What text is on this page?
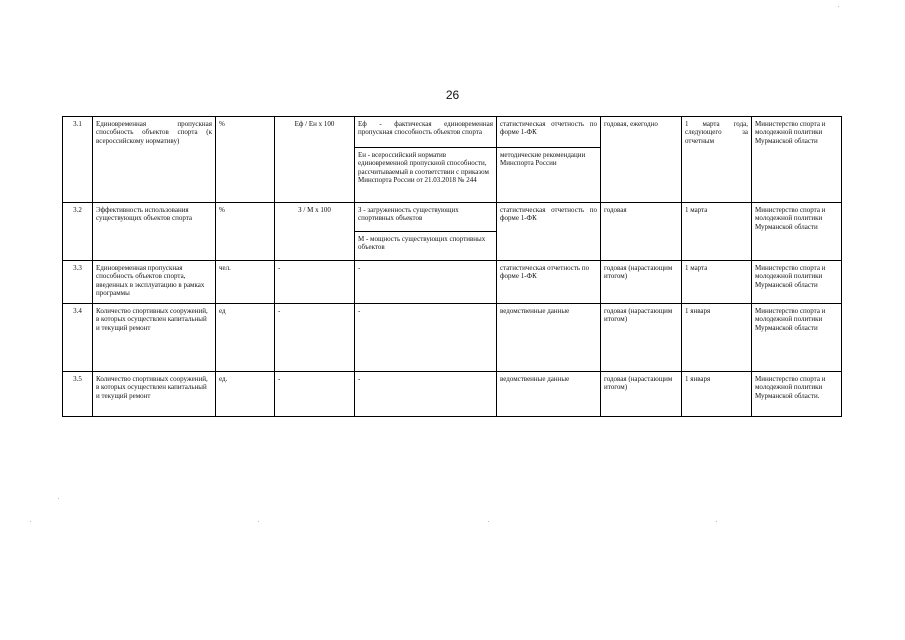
26
3.1	Единовременная пропускная способность объектов спорта (к всероссийскому нормативу)	%	Еф / Ен х 100	Еф - фактическая единовременная пропускная способность объектов спорта	статистическая отчетность по форме 1-ФК	годовая, ежегодно	1 марта года, следующего за отчетным	Министерство спорта и молодежной политики Мурманской области
				Ен - всероссийский норматив единовременной пропускной способности, рассчитываемый в соответствии с приказом Минспорта России от 21.03.2018 № 244	методические рекомендации Минспорта России			
3.2	Эффективность использования существующих объектов спорта	%	З / М х 100	З - загруженность существующих спортивных объектов	статистическая отчетность по форме 1-ФК	годовая	1 марта	Министерство спорта и молодежной политики Мурманской области
				М - мощность существующих спортивных объектов				
3.3	Единовременная пропускная способность объектов спорта, введенных в эксплуатацию в рамках программы	чел.	-	-	статистическая отчетность по форме 1-ФК	годовая (нарастающим итогом)	1 марта	Министерство спорта и молодежной политики Мурманской области
3.4	Количество спортивных сооружений, в которых осуществлен капитальный и текущий ремонт	ед	-	-	ведомственные данные	годовая (нарастающим итогом)	1 января	Министерство спорта и молодежной политики Мурманской области
3.5	Количество спортивных сооружений, в которых осуществлен капитальный и текущий ремонт	ед.	-	-	ведомственные данные	годовая (нарастающим итогом)	1 января	Министерство спорта и молодежной политики Мурманской области.
